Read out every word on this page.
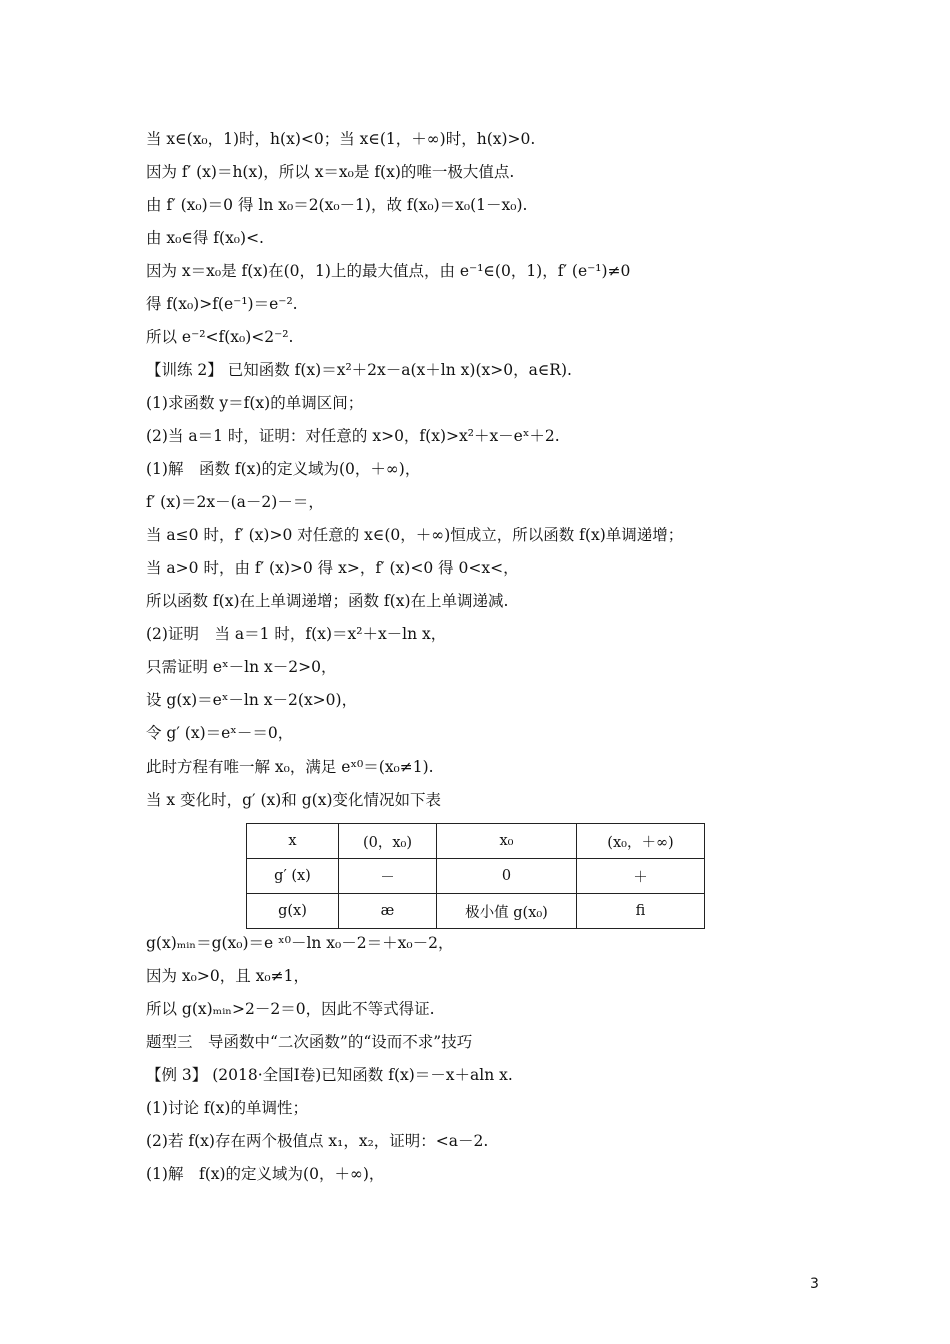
当 x∈(x₀，1)时，h(x)<0；当 x∈(1，＋∞)时，h(x)>0.
因为 f′ (x)＝h(x)，所以 x＝x₀是 f(x)的唯一极大值点.
由 f′ (x₀)＝0 得 ln x₀＝2(x₀－1)，故 f(x₀)＝x₀(1－x₀).
由 x₀∈得 f(x₀)<.
因为 x＝x₀是 f(x)在(0，1)上的最大值点，由 e⁻¹∈(0，1)，f′ (e⁻¹)≠0
得 f(x₀)>f(e⁻¹)＝e⁻².
所以 e⁻²<f(x₀)<2⁻².
【训练 2】 已知函数 f(x)＝x²＋2x－a(x＋ln x)(x>0，a∈R).
(1)求函数 y＝f(x)的单调区间；
(2)当 a＝1 时，证明：对任意的 x>0，f(x)>x²＋x－eˣ＋2.
(1)解　函数 f(x)的定义域为(0，＋∞)，
f′ (x)＝2x－(a－2)－＝，
当 a≤0 时，f′ (x)>0 对任意的 x∈(0，＋∞)恒成立，所以函数 f(x)单调递增；
当 a>0 时，由 f′ (x)>0 得 x>，f′ (x)<0 得 0<x<，
所以函数 f(x)在上单调递增；函数 f(x)在上单调递减.
(2)证明　当 a＝1 时，f(x)＝x²＋x－ln x，
只需证明 eˣ－ln x－2>0，
设 g(x)＝eˣ－ln x－2(x>0)，
令 g′ (x)＝eˣ－＝0，
此时方程有唯一解 x₀，满足 eˣ⁰＝(x₀≠1).
当 x 变化时，g′ (x)和 g(x)变化情况如下表
x	(0，x₀)	x₀	(x₀，＋∞)
g′ (x)	－	0	＋
g(x)	æ	极小值 g(x₀)	ﬁ
g(x)ₘᵢₙ＝g(x₀)＝e ˣ⁰－ln x₀－2＝＋x₀－2，
因为 x₀>0，且 x₀≠1，
所以 g(x)ₘᵢₙ>2－2＝0，因此不等式得证.
题型三　导函数中“二次函数”的“设而不求”技巧
【例 3】 (2018·全国Ⅰ卷)已知函数 f(x)＝－x＋aln x.
(1)讨论 f(x)的单调性；
(2)若 f(x)存在两个极值点 x₁，x₂，证明：<a－2.
(1)解　f(x)的定义域为(0，＋∞)，
3
